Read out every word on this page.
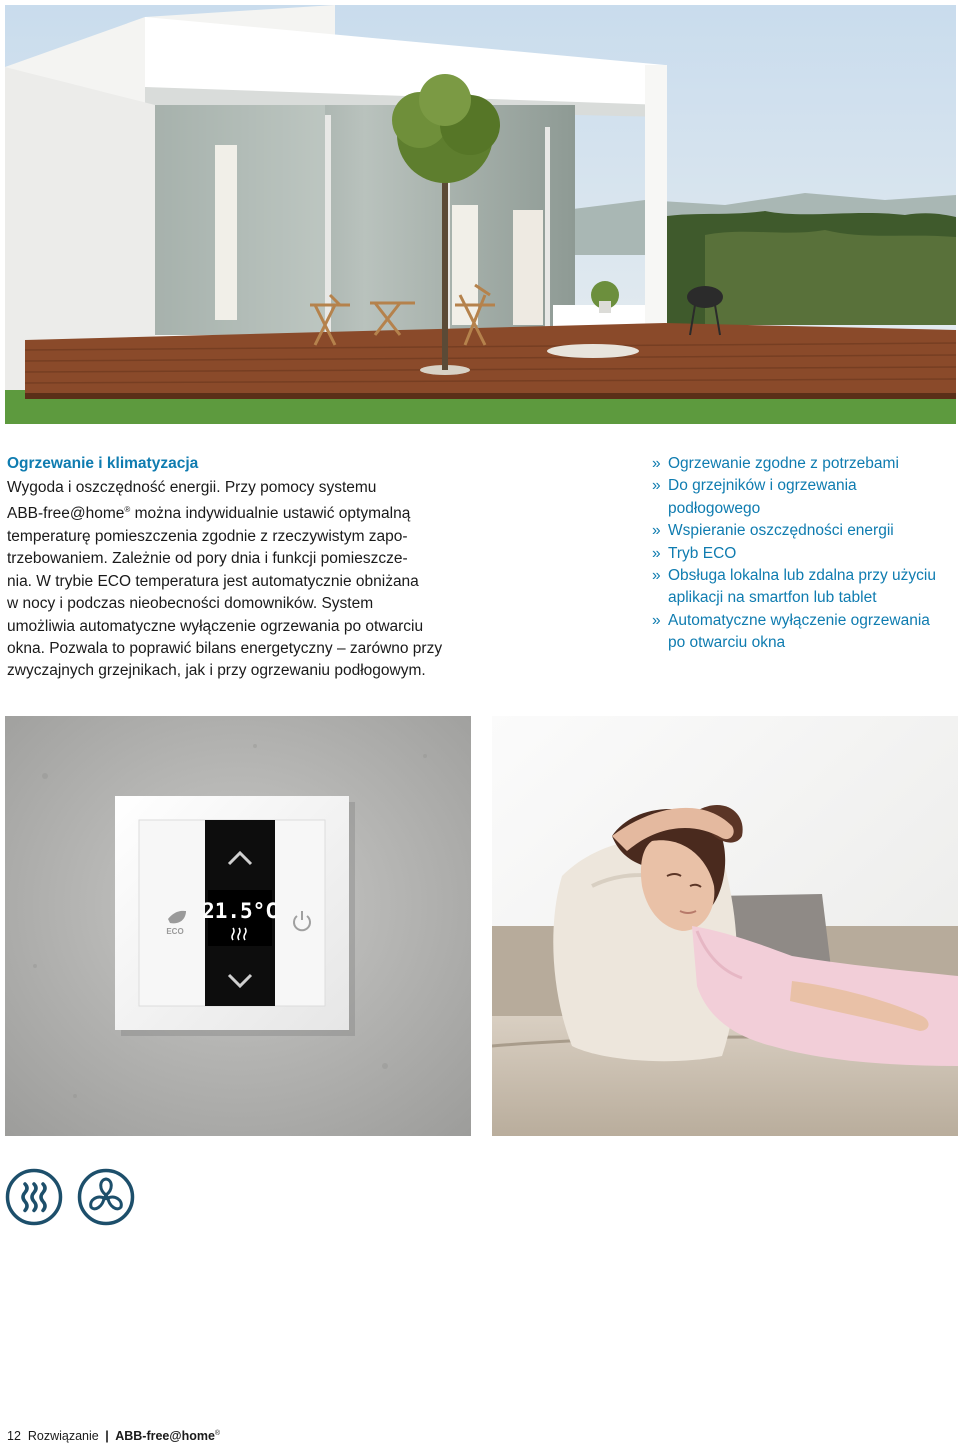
Ogrzewanie i klimatyzacja

Wygoda i oszczędność energii. Przy pomocy systemu
ABB-free@home® można indywidualnie ustawić optymalną
temperaturę pomieszczenia zgodnie z rzeczywistym zapo-
trzebowaniem. Zależnie od pory dnia i funkcji pomieszcze-
nia. W trybie ECO temperatura jest automatycznie obniżana
w nocy i podczas nieobecności domowników. System
umożliwia automatyczne wyłączenie ogrzewania po otwarciu
okna. Pozwala to poprawić bilans energetyczny – zarówno przy
zwyczajnych grzejnikach, jak i przy ogrzewaniu podłogowym.

» Ogrzewanie zgodne z potrzebami
» Do grzejników i ogrzewania
podłogowego
» Wspieranie oszczędności energii
» Tryb ECO
» Obsługa lokalna lub zdalna przy użyciu
aplikacji na smartfon lub tablet
» Automatyczne wyłączenie ogrzewania
po otwarciu okna
21.5°C
ECO
12 Rozwiązanie | ABB-free@home®
